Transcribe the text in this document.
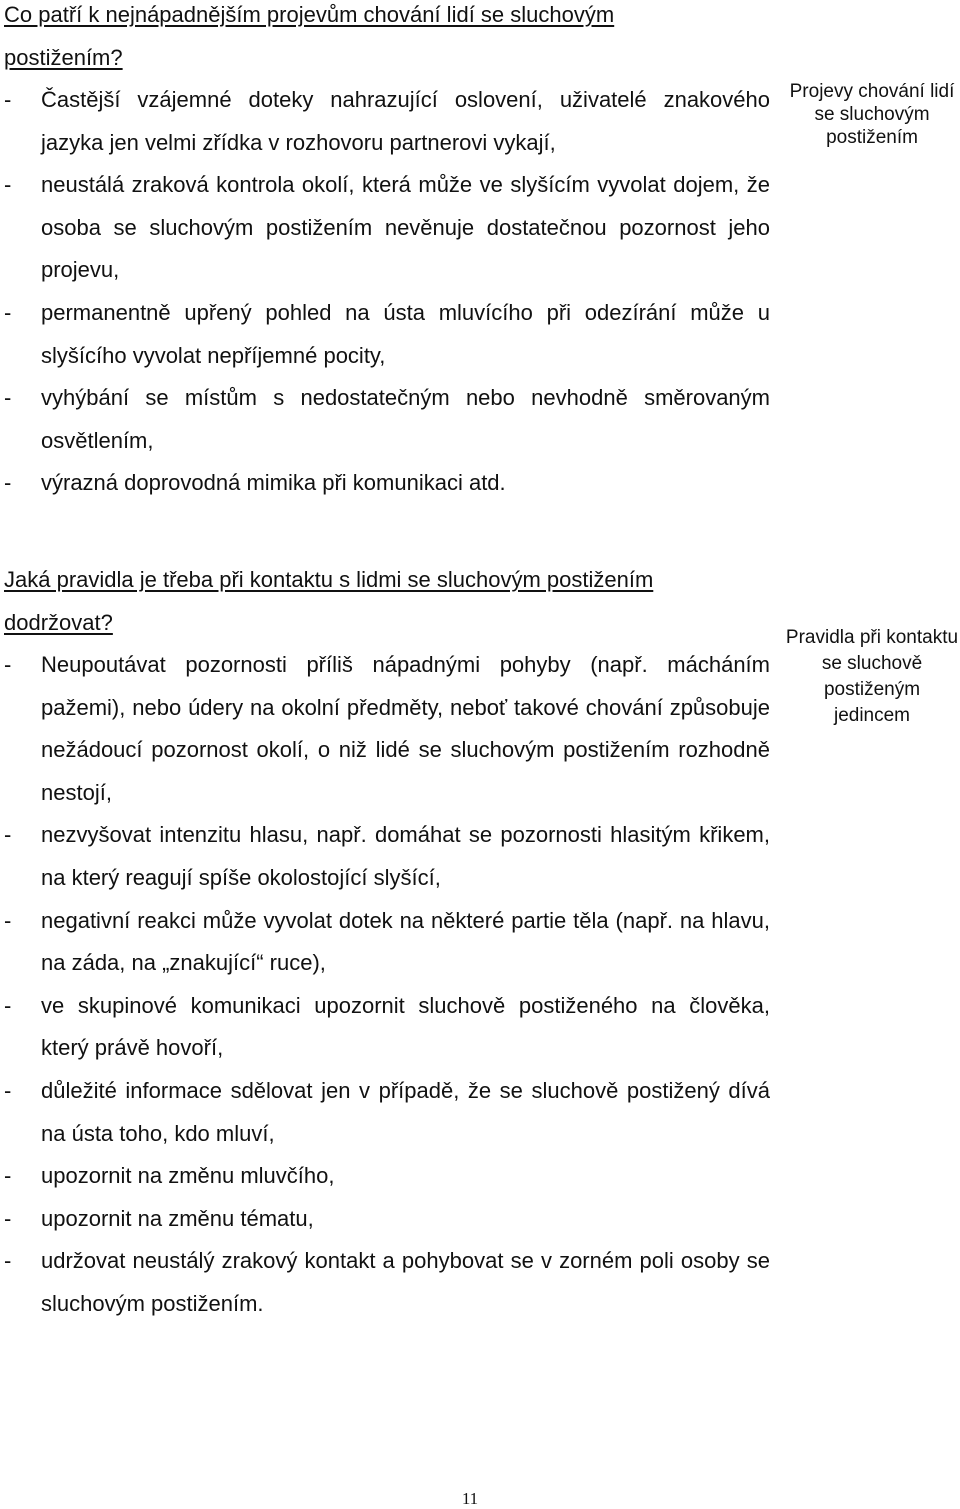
Co patří k nejnápadnějším projevům chování lidí se sluchovým
postižením?
- Častější vzájemné doteky nahrazující oslovení, uživatelé znakového jazyka jen velmi zřídka v rozhovoru partnerovi vykají,
- neustálá zraková kontrola okolí, která může ve slyšícím vyvolat dojem, že osoba se sluchovým postižením nevěnuje dostatečnou pozornost jeho projevu,
- permanentně upřený pohled na ústa mluvícího při odezírání může u slyšícího vyvolat nepříjemné pocity,
- vyhýbání se místům s nedostatečným nebo nevhodně směrovaným osvětlením,
- výrazná doprovodná mimika při komunikaci atd.
Projevy chování lidí se sluchovým postižením
Jaká pravidla je třeba při kontaktu s lidmi se sluchovým postižením
dodržovat?
- Neupoutávat pozornosti příliš nápadnými pohyby (např. mácháním pažemi), nebo údery na okolní předměty, neboť takové chování způsobuje nežádoucí pozornost okolí, o niž lidé se sluchovým postižením rozhodně nestojí,
- nezvyšovat intenzitu hlasu, např. domáhat se pozornosti hlasitým křikem, na který reagují spíše okolostojící slyšící,
- negativní reakci může vyvolat dotek na některé partie těla (např. na hlavu, na záda, na „znakující“ ruce),
- ve skupinové komunikaci upozornit sluchově postiženého na člověka, který právě hovoří,
- důležité informace sdělovat jen v případě, že se sluchově postižený dívá na ústa toho, kdo mluví,
- upozornit na změnu mluvčího,
- upozornit na změnu tématu,
- udržovat neustálý zrakový kontakt a pohybovat se v zorném poli osoby se sluchovým postižením.
Pravidla při kontaktu se sluchově postiženým jedincem
11
